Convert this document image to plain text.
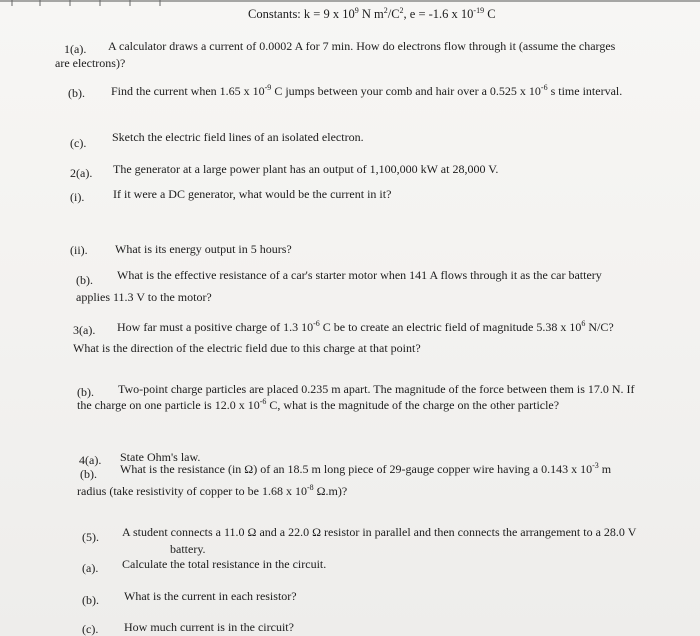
Constants: k = 9 x $10^9$ N $m^2/C^2$, e = -1.6 x $10^{-19}$ C
1(a). A calculator draws a current of 0.0002 A for 7 min. How do electrons flow through it (assume the charges
are electrons)?
(b). Find the current when 1.65 x $10^{-9}$ C jumps between your comb and hair over a 0.525 x $10^{-6}$ s time interval.
(c). Sketch the electric field lines of an isolated electron.
2(a). The generator at a large power plant has an output of 1,100,000 kW at 28,000 V.
(i). If it were a DC generator, what would be the current in it?
(ii). What is its energy output in 5 hours?
(b). What is the effective resistance of a car's starter motor when 141 A flows through it as the car battery
applies 11.3 V to the motor?
3(a). How far must a positive charge of 1.3 $10^{-6}$ C be to create an electric field of magnitude 5.38 x $10^6$ N/C?
What is the direction of the electric field due to this charge at that point?
(b). Two-point charge particles are placed 0.235 m apart. The magnitude of the force between them is 17.0 N. If
the charge on one particle is 12.0 x $10^{-6}$ C, what is the magnitude of the charge on the other particle?
4(a). State Ohm's law.
(b). What is the resistance (in Ω) of an 18.5 m long piece of 29-gauge copper wire having a 0.143 x $10^{-3}$ m
radius (take resistivity of copper to be 1.68 x $10^{-8}$ Ω.m)?
(5). A student connects a 11.0 Ω and a 22.0 Ω resistor in parallel and then connects the arrangement to a 28.0 V
battery.
(a). Calculate the total resistance in the circuit.
(b). What is the current in each resistor?
(c). How much current is in the circuit?
